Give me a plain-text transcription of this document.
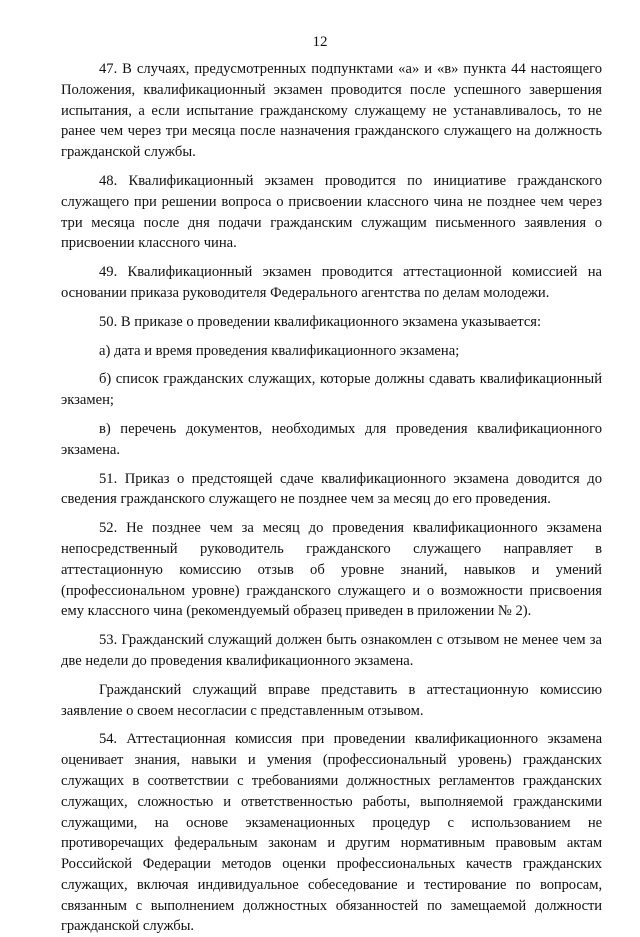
12

47. В случаях, предусмотренных подпунктами «а» и «в» пункта 44 настоящего Положения, квалификационный экзамен проводится после успешного завершения испытания, а если испытание гражданскому служащему не устанавливалось, то не ранее чем через три месяца после назначения гражданского служащего на должность гражданской службы.

48. Квалификационный экзамен проводится по инициативе гражданского служащего при решении вопроса о присвоении классного чина не позднее чем через три месяца после дня подачи гражданским служащим письменного заявления о присвоении классного чина.

49. Квалификационный экзамен проводится аттестационной комиссией на основании приказа руководителя Федерального агентства по делам молодежи.

50. В приказе о проведении квалификационного экзамена указывается:

а) дата и время проведения квалификационного экзамена;

б) список гражданских служащих, которые должны сдавать квалификационный экзамен;

в) перечень документов, необходимых для проведения квалификационного экзамена.

51. Приказ о предстоящей сдаче квалификационного экзамена доводится до сведения гражданского служащего не позднее чем за месяц до его проведения.

52. Не позднее чем за месяц до проведения квалификационного экзамена непосредственный руководитель гражданского служащего направляет в аттестационную комиссию отзыв об уровне знаний, навыков и умений (профессиональном уровне) гражданского служащего и о возможности присвоения ему классного чина (рекомендуемый образец приведен в приложении № 2).

53. Гражданский служащий должен быть ознакомлен с отзывом не менее чем за две недели до проведения квалификационного экзамена.

Гражданский служащий вправе представить в аттестационную комиссию заявление о своем несогласии с представленным отзывом.

54. Аттестационная комиссия при проведении квалификационного экзамена оценивает знания, навыки и умения (профессиональный уровень) гражданских служащих в соответствии с требованиями должностных регламентов гражданских служащих, сложностью и ответственностью работы, выполняемой гражданскими служащими, на основе экзаменационных процедур с использованием не противоречащих федеральным законам и другим нормативным правовым актам Российской Федерации методов оценки профессиональных качеств гражданских служащих, включая индивидуальное собеседование и тестирование по вопросам, связанным с выполнением должностных обязанностей по замещаемой должности гражданской службы.
